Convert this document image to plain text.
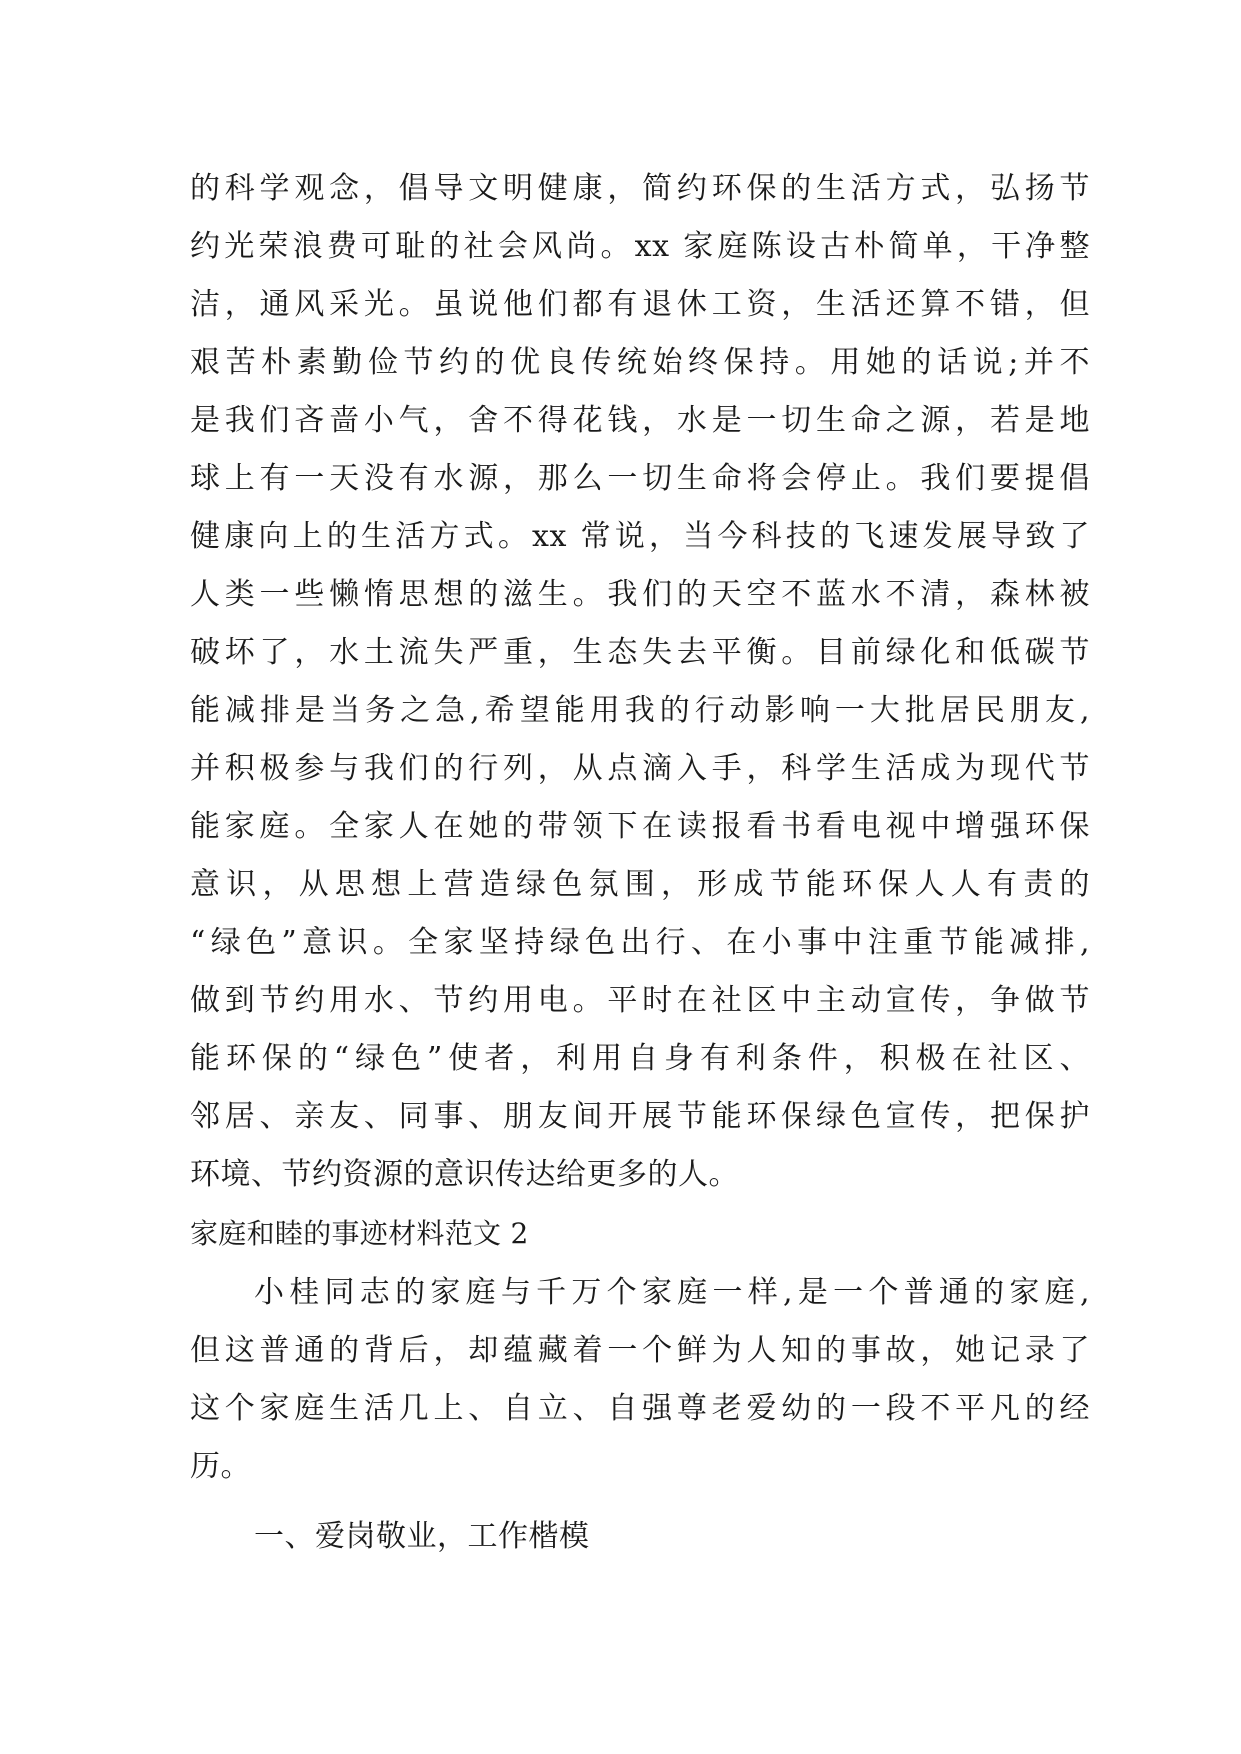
的科学观念，倡导文明健康，简约环保的生活方式，弘扬节
约光荣浪费可耻的社会风尚。xx 家庭陈设古朴简单，干净整
洁，通风采光。虽说他们都有退休工资，生活还算不错，但
艰苦朴素勤俭节约的优良传统始终保持。用她的话说;并不
是我们吝啬小气，舍不得花钱，水是一切生命之源，若是地
球上有一天没有水源，那么一切生命将会停止。我们要提倡
健康向上的生活方式。xx 常说，当今科技的飞速发展导致了
人类一些懒惰思想的滋生。我们的天空不蓝水不清，森林被
破坏了，水土流失严重，生态失去平衡。目前绿化和低碳节
能减排是当务之急,希望能用我的行动影响一大批居民朋友,
并积极参与我们的行列，从点滴入手，科学生活成为现代节
能家庭。全家人在她的带领下在读报看书看电视中增强环保
意识，从思想上营造绿色氛围，形成节能环保人人有责的
“绿色”意识。全家坚持绿色出行、在小事中注重节能减排,
做到节约用水、节约用电。平时在社区中主动宣传，争做节
能环保的“绿色”使者，利用自身有利条件，积极在社区、
邻居、亲友、同事、朋友间开展节能环保绿色宣传，把保护
环境、节约资源的意识传达给更多的人。
家庭和睦的事迹材料范文 2
小桂同志的家庭与千万个家庭一样,是一个普通的家庭,
但这普通的背后，却蕴藏着一个鲜为人知的事故，她记录了
这个家庭生活几上、自立、自强尊老爱幼的一段不平凡的经
历。
一、爱岗敬业，工作楷模
